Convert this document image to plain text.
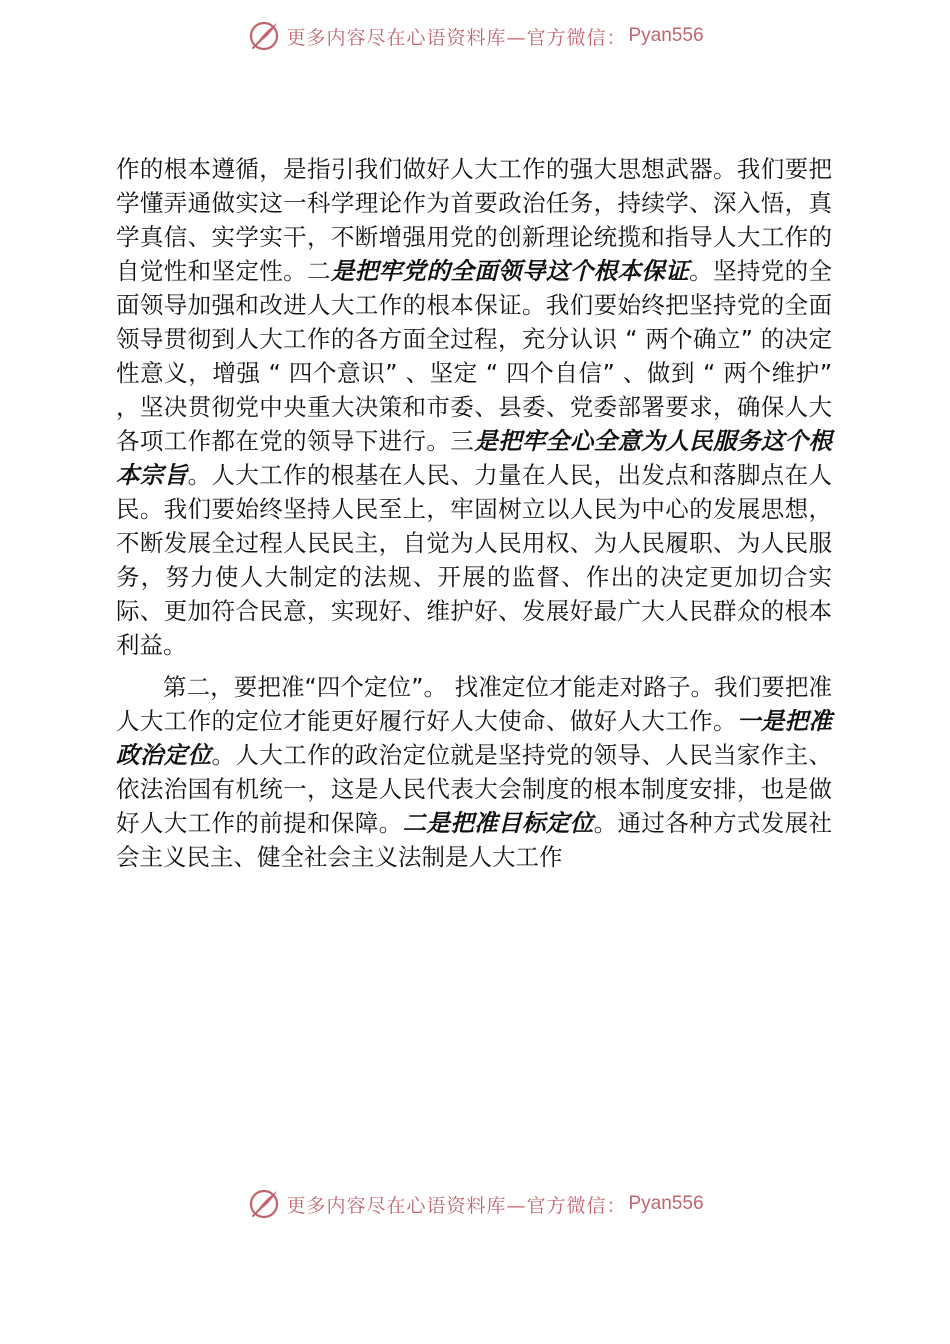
更多内容尽在心语资料库—官方微信： Pyan556

作的根本遵循，是指引我们做好人大工作的强大思想武器。我们要把学懂弄通做实这一科学理论作为首要政治任务，持续学、深入悟，真学真信、实学实干，不断增强用党的创新理论统揽和指导人大工作的自觉性和坚定性。二是把牢党的全面领导这个根本保证。坚持党的全面领导加强和改进人大工作的根本保证。我们要始终把坚持党的全面领导贯彻到人大工作的各方面全过程，充分认识 “ 两个确立” 的决定性意义，增强 “ 四个意识” 、坚定 “ 四个自信” 、做到 “ 两个维护” ，坚决贯彻党中央重大决策和市委、县委、党委部署要求，确保人大各项工作都在党的领导下进行。三是把牢全心全意为人民服务这个根本宗旨。人大工作的根基在人民、力量在人民，出发点和落脚点在人民。我们要始终坚持人民至上，牢固树立以人民为中心的发展思想，不断发展全过程人民民主，自觉为人民用权、为人民履职、为人民服务，努力使人大制定的法规、开展的监督、作出的决定更加切合实际、更加符合民意，实现好、维护好、发展好最广大人民群众的根本利益。

第二，要把准“四个定位”。 找准定位才能走对路子。我们要把准人大工作的定位才能更好履行好人大使命、做好人大工作。一是把准政治定位。人大工作的政治定位就是坚持党的领导、人民当家作主、依法治国有机统一，这是人民代表大会制度的根本制度安排，也是做好人大工作的前提和保障。二是把准目标定位。通过各种方式发展社会主义民主、健全社会主义法制是人大工作

更多内容尽在心语资料库—官方微信： Pyan556
